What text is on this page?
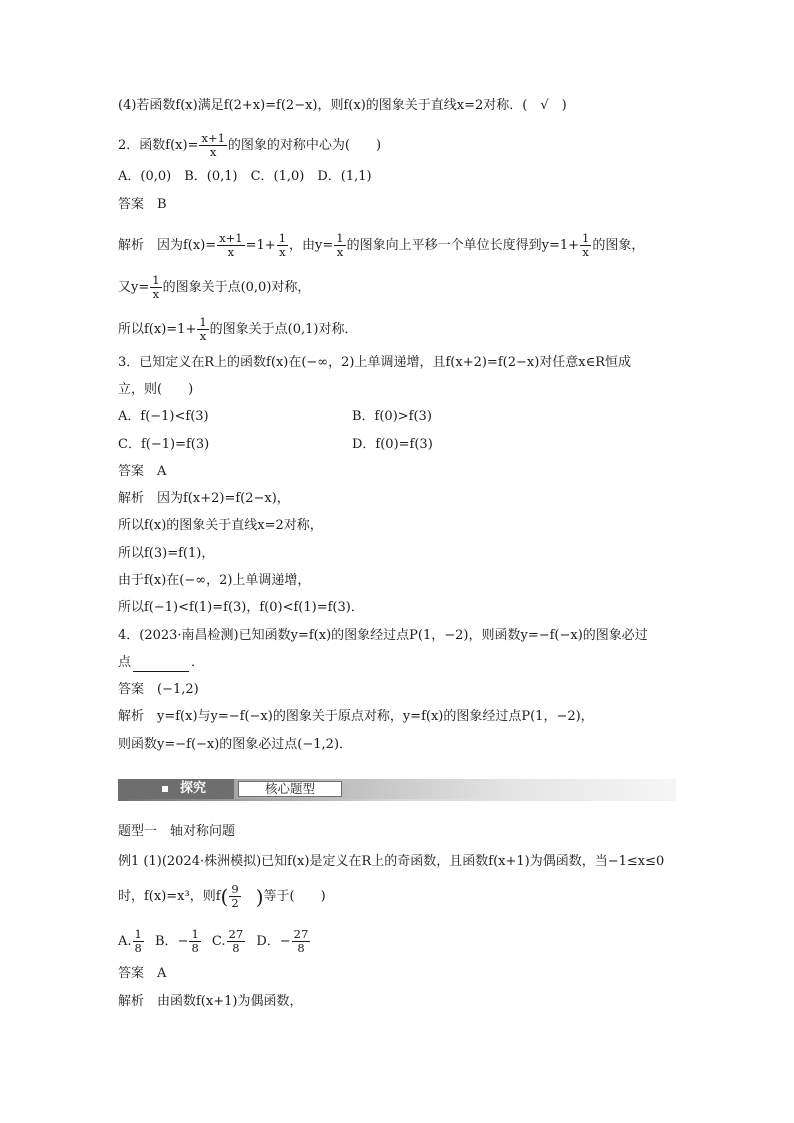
(4)若函数f(x)满足f(2+x)=f(2−x)，则f(x)的图象关于直线x=2对称．(　√　)
2．函数$f(x)= \frac{x+1}{x}$ 的图象的对称中心为(　　)
A．(0,0)　B．(0,1)　C．(1,0)　D．(1,1)
答案　B
解析　因为$f(x)= \frac{x+1}{x} =1+ \frac{1}{x}$ ，由$y= \frac{1}{x}$ 的图象向上平移一个单位长度得到$y=1+ \frac{1}{x}$ 的图象，
又$y= \frac{1}{x}$ 的图象关于点(0,0)对称，
所以$f(x)=1+ \frac{1}{x}$ 的图象关于点(0,1)对称．
3．已知定义在R上的函数f(x)在(−∞，2)上单调递增，且f(x+2)=f(2−x)对任意x∈R恒成
立，则(　　)
A．f(−1)<f(3)	B．f(0)>f(3)
C．f(−1)=f(3)	D．f(0)=f(3)
答案　A
解析　因为f(x+2)=f(2−x)，
所以f(x)的图象关于直线x=2对称，
所以f(3)=f(1)，
由于f(x)在(−∞，2)上单调递增，
所以f(−1)<f(1)=f(3)，f(0)<f(1)=f(3)．
4．(2023·南昌检测)已知函数y=f(x)的图象经过点P(1，−2)，则函数y=−f(−x)的图象必过
点	．
答案　(−1,2)
解析　y=f(x)与y=−f(−x)的图象关于原点对称，y=f(x)的图象经过点P(1，−2)，
则函数y=−f(−x)的图象必过点(−1,2)．
探究	核心题型
题型一　轴对称问题
例1 (1)(2024·株洲模拟)已知f(x)是定义在R上的奇函数，且函数f(x+1)为偶函数，当−1≤x≤0
时，f(x)=x³，则$f( \frac{9}{2}$ )等于(　　)
A. $\frac{1}{8}$ B．− $\frac{1}{8} C$. $\frac{27}{8}$ D．− $\frac{27}{8}$
答案　A
解析　由函数f(x+1)为偶函数，
